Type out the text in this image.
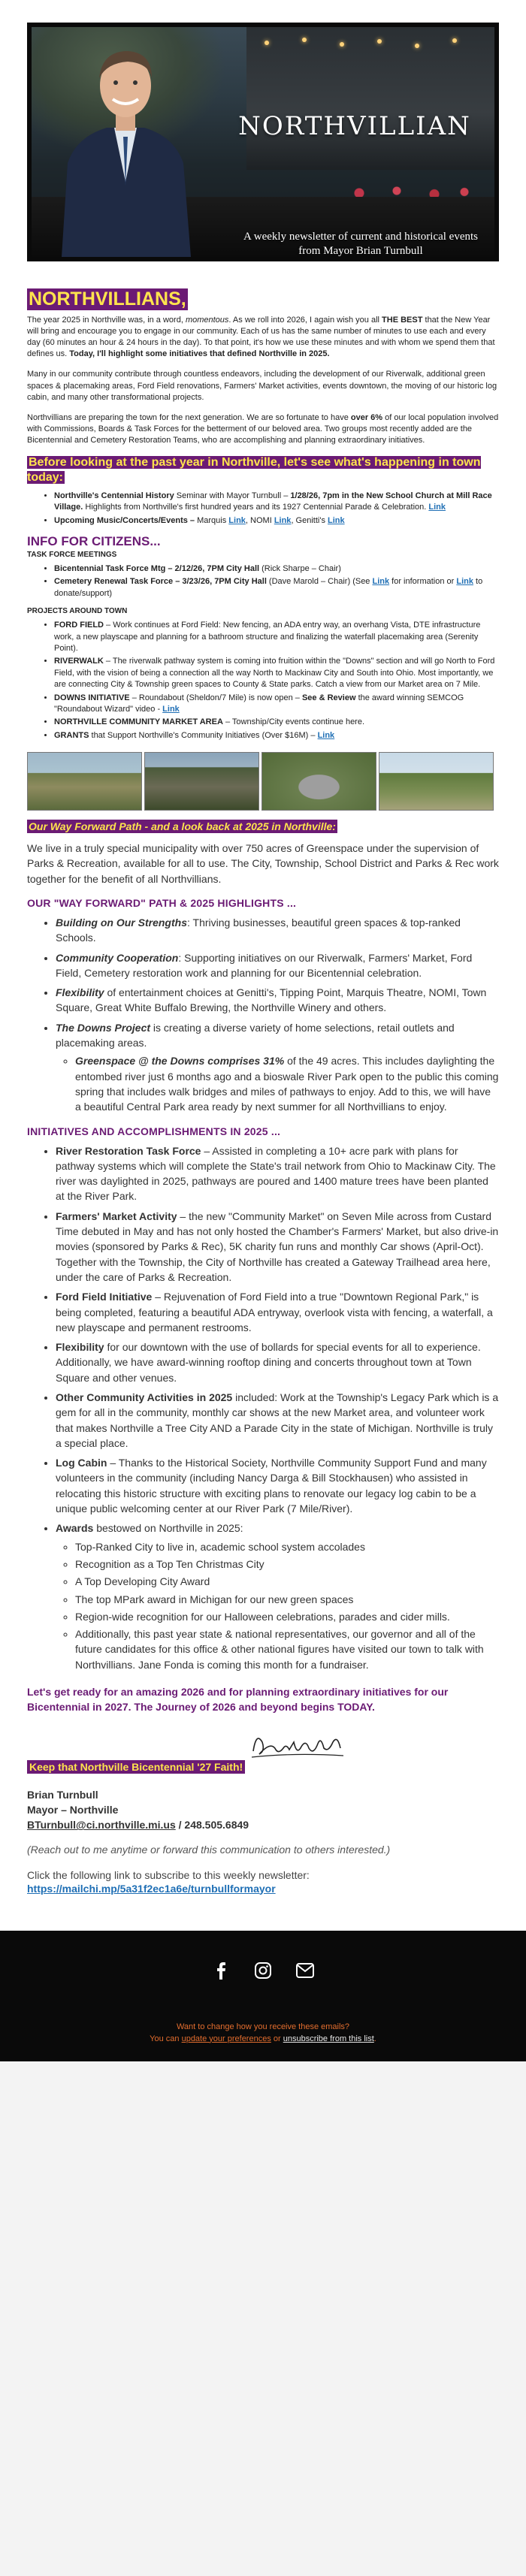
NORTHVILLIAN
A weekly newsletter of current and historical events from Mayor Brian Turnbull
NORTHVILLIANS,

The year 2025 in Northville was, in a word, momentous. As we roll into 2026, I again wish you all THE BEST that the New Year will bring and encourage you to engage in our community. Each of us has the same number of minutes to use each and every day (60 minutes an hour & 24 hours in the day). To that point, it's how we use these minutes and with whom we spend them that defines us. Today, I'll highlight some initiatives that defined Northville in 2025.

Many in our community contribute through countless endeavors, including the development of our Riverwalk, additional green spaces & placemaking areas, Ford Field renovations, Farmers' Market activities, events downtown, the moving of our historic log cabin, and many other transformational projects.

Northvillians are preparing the town for the next generation. We are so fortunate to have over 6% of our local population involved with Commissions, Boards & Task Forces for the betterment of our beloved area. Two groups most recently added are the Bicentennial and Cemetery Restoration Teams, who are accomplishing and planning extraordinary initiatives.

Before looking at the past year in Northville, let's see what's happening in town today:
• Northville's Centennial History Seminar with Mayor Turnbull – 1/28/26, 7pm in the New School Church at Mill Race Village. Highlights from Northville's first hundred years and its 1927 Centennial Parade & Celebration. Link
• Upcoming Music/Concerts/Events – Marquis Link, NOMI Link, Genitti's Link
INFO FOR CITIZENS...
TASK FORCE MEETINGS
• Bicentennial Task Force Mtg – 2/12/26, 7PM City Hall (Rick Sharpe – Chair)
• Cemetery Renewal Task Force – 3/23/26, 7PM City Hall (Dave Marold – Chair) (See Link for information or Link to donate/support)
PROJECTS AROUND TOWN
• FORD FIELD – Work continues at Ford Field: New fencing, an ADA entry way, an overhang Vista, DTE infrastructure work, a new playscape and planning for a bathroom structure and finalizing the waterfall placemaking area (Serenity Point).
• RIVERWALK – The riverwalk pathway system is coming into fruition within the "Downs" section and will go North to Ford Field, with the vision of being a connection all the way North to Mackinaw City and South into Ohio. Most importantly, we are connecting City & Township green spaces to County & State parks. Catch a view from our Market area on 7 Mile.
• DOWNS INITIATIVE – Roundabout (Sheldon/7 Mile) is now open – See & Review the award winning SEMCOG "Roundabout Wizard" video - Link
• NORTHVILLE COMMUNITY MARKET AREA – Township/City events continue here.
• GRANTS that Support Northville's Community Initiatives (Over $16M) – Link
Our Way Forward Path - and a look back at 2025 in Northville:

We live in a truly special municipality with over 750 acres of Greenspace under the supervision of Parks & Recreation, available for all to use. The City, Township, School District and Parks & Rec work together for the benefit of all Northvillians.

OUR "WAY FORWARD" PATH & 2025 HIGHLIGHTS ...
• Building on Our Strengths: Thriving businesses, beautiful green spaces & top-ranked Schools.
• Community Cooperation: Supporting initiatives on our Riverwalk, Farmers' Market, Ford Field, Cemetery restoration work and planning for our Bicentennial celebration.
• Flexibility of entertainment choices at Genitti's, Tipping Point, Marquis Theatre, NOMI, Town Square, Great White Buffalo Brewing, the Northville Winery and others.
• The Downs Project is creating a diverse variety of home selections, retail outlets and placemaking areas.
◦ Greenspace @ the Downs comprises 31% of the 49 acres. This includes daylighting the entombed river just 6 months ago and a bioswale River Park open to the public this coming spring that includes walk bridges and miles of pathways to enjoy. Add to this, we will have a beautiful Central Park area ready by next summer for all Northvillians to enjoy.
INITIATIVES AND ACCOMPLISHMENTS IN 2025 ...
• River Restoration Task Force – Assisted in completing a 10+ acre park with plans for pathway systems which will complete the State's trail network from Ohio to Mackinaw City. The river was daylighted in 2025, pathways are poured and 1400 mature trees have been planted at the River Park.
• Farmers' Market Activity – the new "Community Market" on Seven Mile across from Custard Time debuted in May and has not only hosted the Chamber's Farmers' Market, but also drive-in movies (sponsored by Parks & Rec), 5K charity fun runs and monthly Car shows (April-Oct). Together with the Township, the City of Northville has created a Gateway Trailhead area here, under the care of Parks & Recreation.
• Ford Field Initiative – Rejuvenation of Ford Field into a true "Downtown Regional Park," is being completed, featuring a beautiful ADA entryway, overlook vista with fencing, a waterfall, a new playscape and permanent restrooms.
• Flexibility for our downtown with the use of bollards for special events for all to experience. Additionally, we have award-winning rooftop dining and concerts throughout town at Town Square and other venues.
• Other Community Activities in 2025 included: Work at the Township's Legacy Park which is a gem for all in the community, monthly car shows at the new Market area, and volunteer work that makes Northville a Tree City AND a Parade City in the state of Michigan. Northville is truly a special place.
• Log Cabin – Thanks to the Historical Society, Northville Community Support Fund and many volunteers in the community (including Nancy Darga & Bill Stockhausen) who assisted in relocating this historic structure with exciting plans to renovate our legacy log cabin to be a unique public welcoming center at our River Park (7 Mile/River).
• Awards bestowed on Northville in 2025:
◦ Top-Ranked City to live in, academic school system accolades
◦ Recognition as a Top Ten Christmas City
◦ A Top Developing City Award
◦ The top MPark award in Michigan for our new green spaces
◦ Region-wide recognition for our Halloween celebrations, parades and cider mills.
◦ Additionally, this past year state & national representatives, our governor and all of the future candidates for this office & other national figures have visited our town to talk with Northvillians. Jane Fonda is coming this month for a fundraiser.
Let's get ready for an amazing 2026 and for planning extraordinary initiatives for our Bicentennial in 2027. The Journey of 2026 and beyond begins TODAY.
Keep that Northville Bicentennial '27 Faith!
Brian Turnbull
Mayor – Northville
BTurnbull@ci.northville.mi.us / 248.505.6849

(Reach out to me anytime or forward this communication to others interested.)

Click the following link to subscribe to this weekly newsletter:

https://mailchi.mp/5a31f2ec1a6e/turnbullformayor

Want to change how you receive these emails?

You can update your preferences or unsubscribe from this list.
